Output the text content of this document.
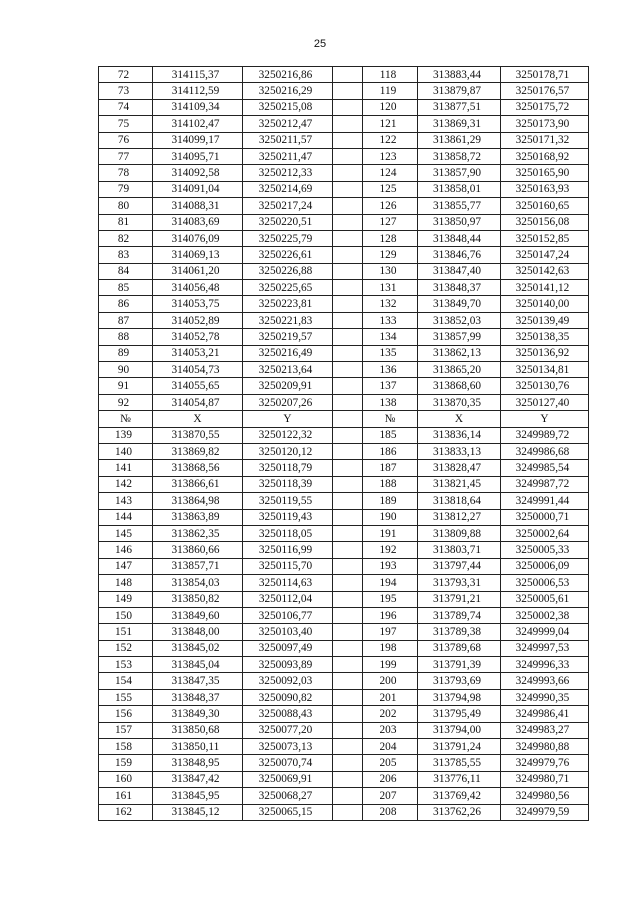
25
72	314115,37	3250216,86		118	313883,44	3250178,71
73	314112,59	3250216,29		119	313879,87	3250176,57
74	314109,34	3250215,08		120	313877,51	3250175,72
75	314102,47	3250212,47		121	313869,31	3250173,90
76	314099,17	3250211,57		122	313861,29	3250171,32
77	314095,71	3250211,47		123	313858,72	3250168,92
78	314092,58	3250212,33		124	313857,90	3250165,90
79	314091,04	3250214,69		125	313858,01	3250163,93
80	314088,31	3250217,24		126	313855,77	3250160,65
81	314083,69	3250220,51		127	313850,97	3250156,08
82	314076,09	3250225,79		128	313848,44	3250152,85
83	314069,13	3250226,61		129	313846,76	3250147,24
84	314061,20	3250226,88		130	313847,40	3250142,63
85	314056,48	3250225,65		131	313848,37	3250141,12
86	314053,75	3250223,81		132	313849,70	3250140,00
87	314052,89	3250221,83		133	313852,03	3250139,49
88	314052,78	3250219,57		134	313857,99	3250138,35
89	314053,21	3250216,49		135	313862,13	3250136,92
90	314054,73	3250213,64		136	313865,20	3250134,81
91	314055,65	3250209,91		137	313868,60	3250130,76
92	314054,87	3250207,26		138	313870,35	3250127,40
№	X	Y		№	X	Y
139	313870,55	3250122,32		185	313836,14	3249989,72
140	313869,82	3250120,12		186	313833,13	3249986,68
141	313868,56	3250118,79		187	313828,47	3249985,54
142	313866,61	3250118,39		188	313821,45	3249987,72
143	313864,98	3250119,55		189	313818,64	3249991,44
144	313863,89	3250119,43		190	313812,27	3250000,71
145	313862,35	3250118,05		191	313809,88	3250002,64
146	313860,66	3250116,99		192	313803,71	3250005,33
147	313857,71	3250115,70		193	313797,44	3250006,09
148	313854,03	3250114,63		194	313793,31	3250006,53
149	313850,82	3250112,04		195	313791,21	3250005,61
150	313849,60	3250106,77		196	313789,74	3250002,38
151	313848,00	3250103,40		197	313789,38	3249999,04
152	313845,02	3250097,49		198	313789,68	3249997,53
153	313845,04	3250093,89		199	313791,39	3249996,33
154	313847,35	3250092,03		200	313793,69	3249993,66
155	313848,37	3250090,82		201	313794,98	3249990,35
156	313849,30	3250088,43		202	313795,49	3249986,41
157	313850,68	3250077,20		203	313794,00	3249983,27
158	313850,11	3250073,13		204	313791,24	3249980,88
159	313848,95	3250070,74		205	313785,55	3249979,76
160	313847,42	3250069,91		206	313776,11	3249980,71
161	313845,95	3250068,27		207	313769,42	3249980,56
162	313845,12	3250065,15		208	313762,26	3249979,59
